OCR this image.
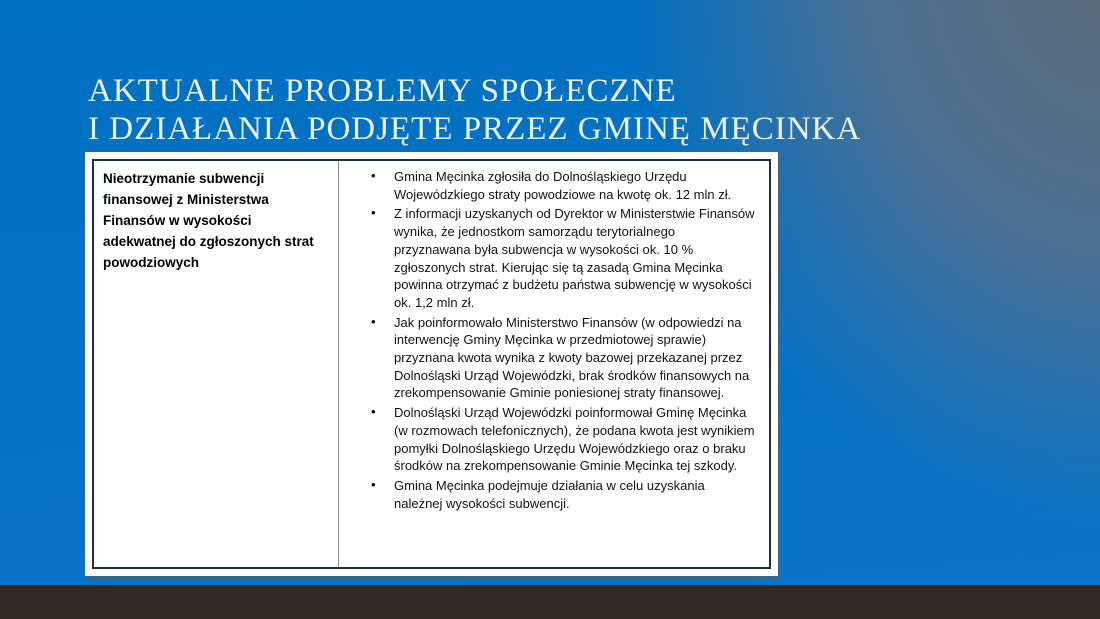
AKTUALNE PROBLEMY SPOŁECZNE
I DZIAŁANIA PODJĘTE PRZEZ GMINĘ MĘCINKA
Nieotrzymanie subwencji finansowej z Ministerstwa Finansów w wysokości adekwatnej do zgłoszonych strat powodziowych
• Gmina Męcinka zgłosiła do Dolnośląskiego Urzędu Wojewódzkiego straty powodziowe na kwotę ok. 12 mln zł.
• Z informacji uzyskanych od Dyrektor w Ministerstwie Finansów wynika, że jednostkom samorządu terytorialnego przyznawana była subwencja w wysokości ok. 10 % zgłoszonych strat. Kierując się tą zasadą Gmina Męcinka powinna otrzymać z budżetu państwa subwencję w wysokości ok. 1,2 mln zł.
• Jak poinformowało Ministerstwo Finansów (w odpowiedzi na interwencję Gminy Męcinka w przedmiotowej sprawie) przyznana kwota wynika z kwoty bazowej przekazanej przez Dolnośląski Urząd Wojewódzki, brak środków finansowych na zrekompensowanie Gminie poniesionej straty finansowej.
• Dolnośląski Urząd Wojewódzki poinformował Gminę Męcinka (w rozmowach telefonicznych), że podana kwota jest wynikiem pomyłki Dolnośląskiego Urzędu Wojewódzkiego oraz o braku środków na zrekompensowanie Gminie Męcinka tej szkody.
• Gmina Męcinka podejmuje działania w celu uzyskania należnej wysokości subwencji.
